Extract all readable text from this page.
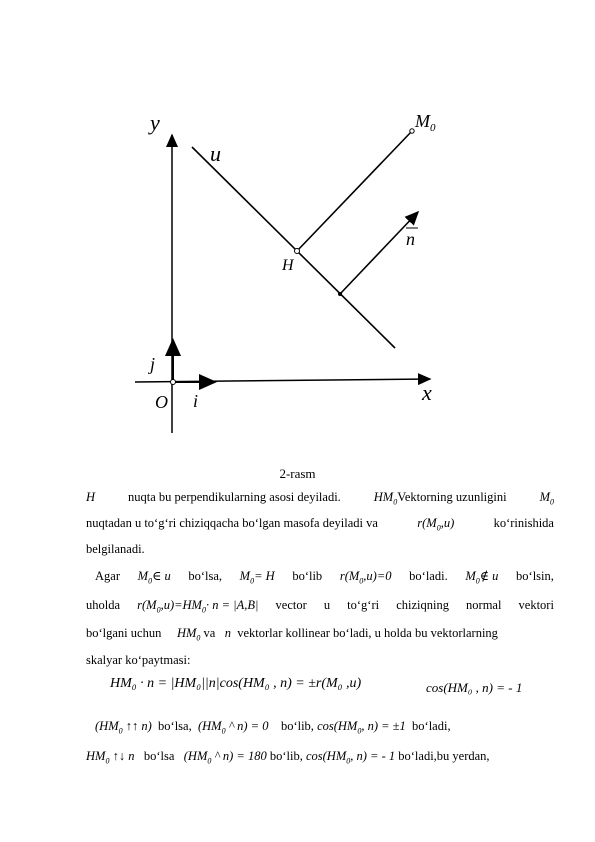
y
x
O
j
i
u
$M_0$
H
n
2-rasm
H	nuqta bu perpendikularning asosi deyiladi.	$HM_0Vektorning$ uzunligini	$M_0$
nuqtadan u to‘g‘ri chiziqqacha bo‘lgan masofa deyiladi va	$r(M_0,u)$	ko‘rinishida
belgilanadi.
Agar $M_0\in$ u bo‘lsa, $M_0= H$ bo‘lib $r(M_0,u)=0$ bo‘ladi. $M_0\notin$ u bo‘lsin,
uholda $r(M_0,u)=HM_0\cdot n = |A,B|$ vector u to‘g‘ri chiziqning normal vektori
bo‘lgani uchun $HM_0$ va n vektorlar kollinear bo‘ladi, u holda bu vektorlarning
skalyar ko‘paytmasi:
HM₀ · n = |HM₀||n|cos(HM₀ , n) = ±r(M₀ ,u)	cos(HM₀ , n) = - 1
($HM_0$ ↑↑ n) bo‘lsa, ($HM_0$ ^ n) = 0 bo‘lib, $\cos(HM_0$, n) = ±1 bo‘ladi,
$HM_0$ ↑↓ n bo‘lsa ($HM_0$ ^ n) = 180 bo‘lib, $\cos(HM_0$, n) = - 1 bo‘ladi,bu yerdan,
